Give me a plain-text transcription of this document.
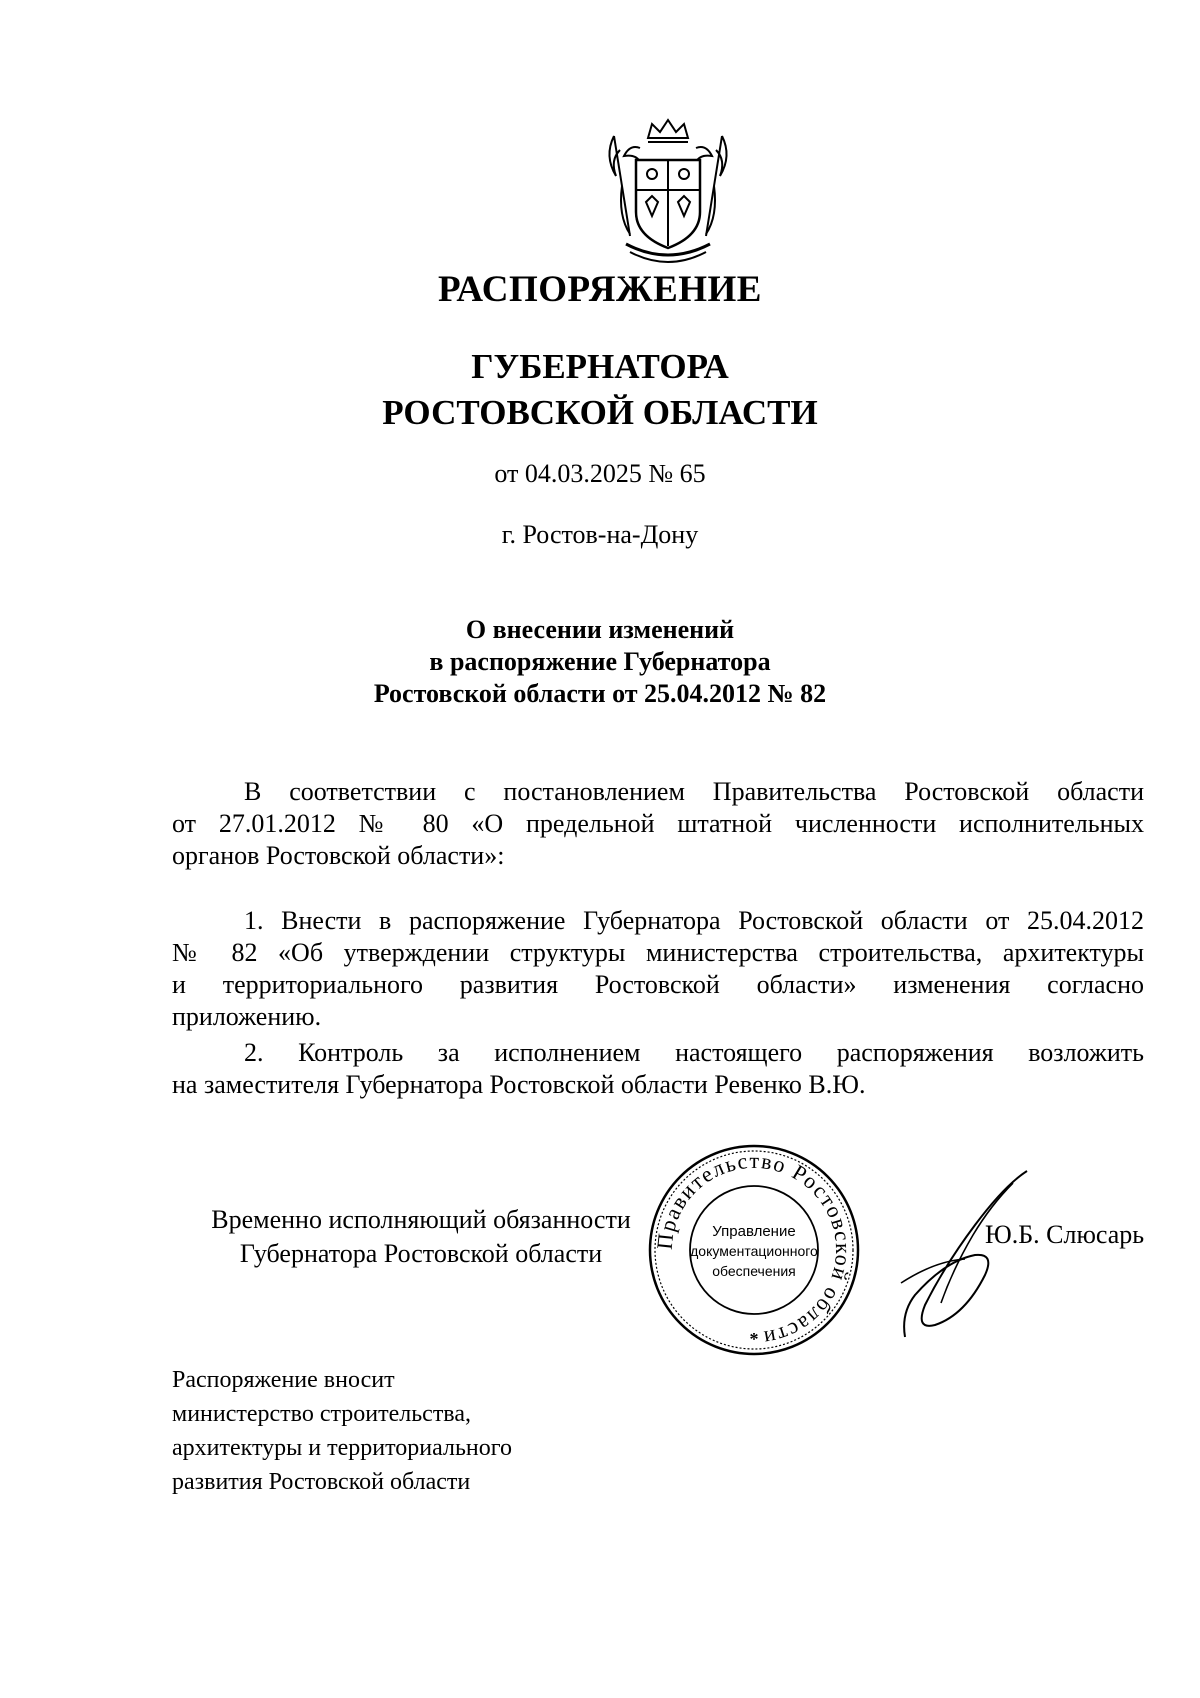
РАСПОРЯЖЕНИЕ
ГУБЕРНАТОРА
РОСТОВСКОЙ ОБЛАСТИ
от 04.03.2025 № 65
г. Ростов-на-Дону
О внесении изменений
в распоряжение Губернатора
Ростовской области от 25.04.2012 № 82
В соответствии с постановлением Правительства Ростовской области
от 27.01.2012 № 80 «О предельной штатной численности исполнительных
органов Ростовской области»:
1. Внести в распоряжение Губернатора Ростовской области от 25.04.2012
№ 82 «Об утверждении структуры министерства строительства, архитектуры
и территориального развития Ростовской области» изменения согласно
приложению.
2. Контроль за исполнением настоящего распоряжения возложить
на заместителя Губернатора Ростовской области Ревенко В.Ю.
Временно исполняющий обязанности
Губернатора Ростовской области	Правительство Ростовской области
Управление
документационного
обеспечения
*
Ю.Б. Слюсарь
Распоряжение вносит
министерство строительства,
архитектуры и территориального
развития Ростовской области
